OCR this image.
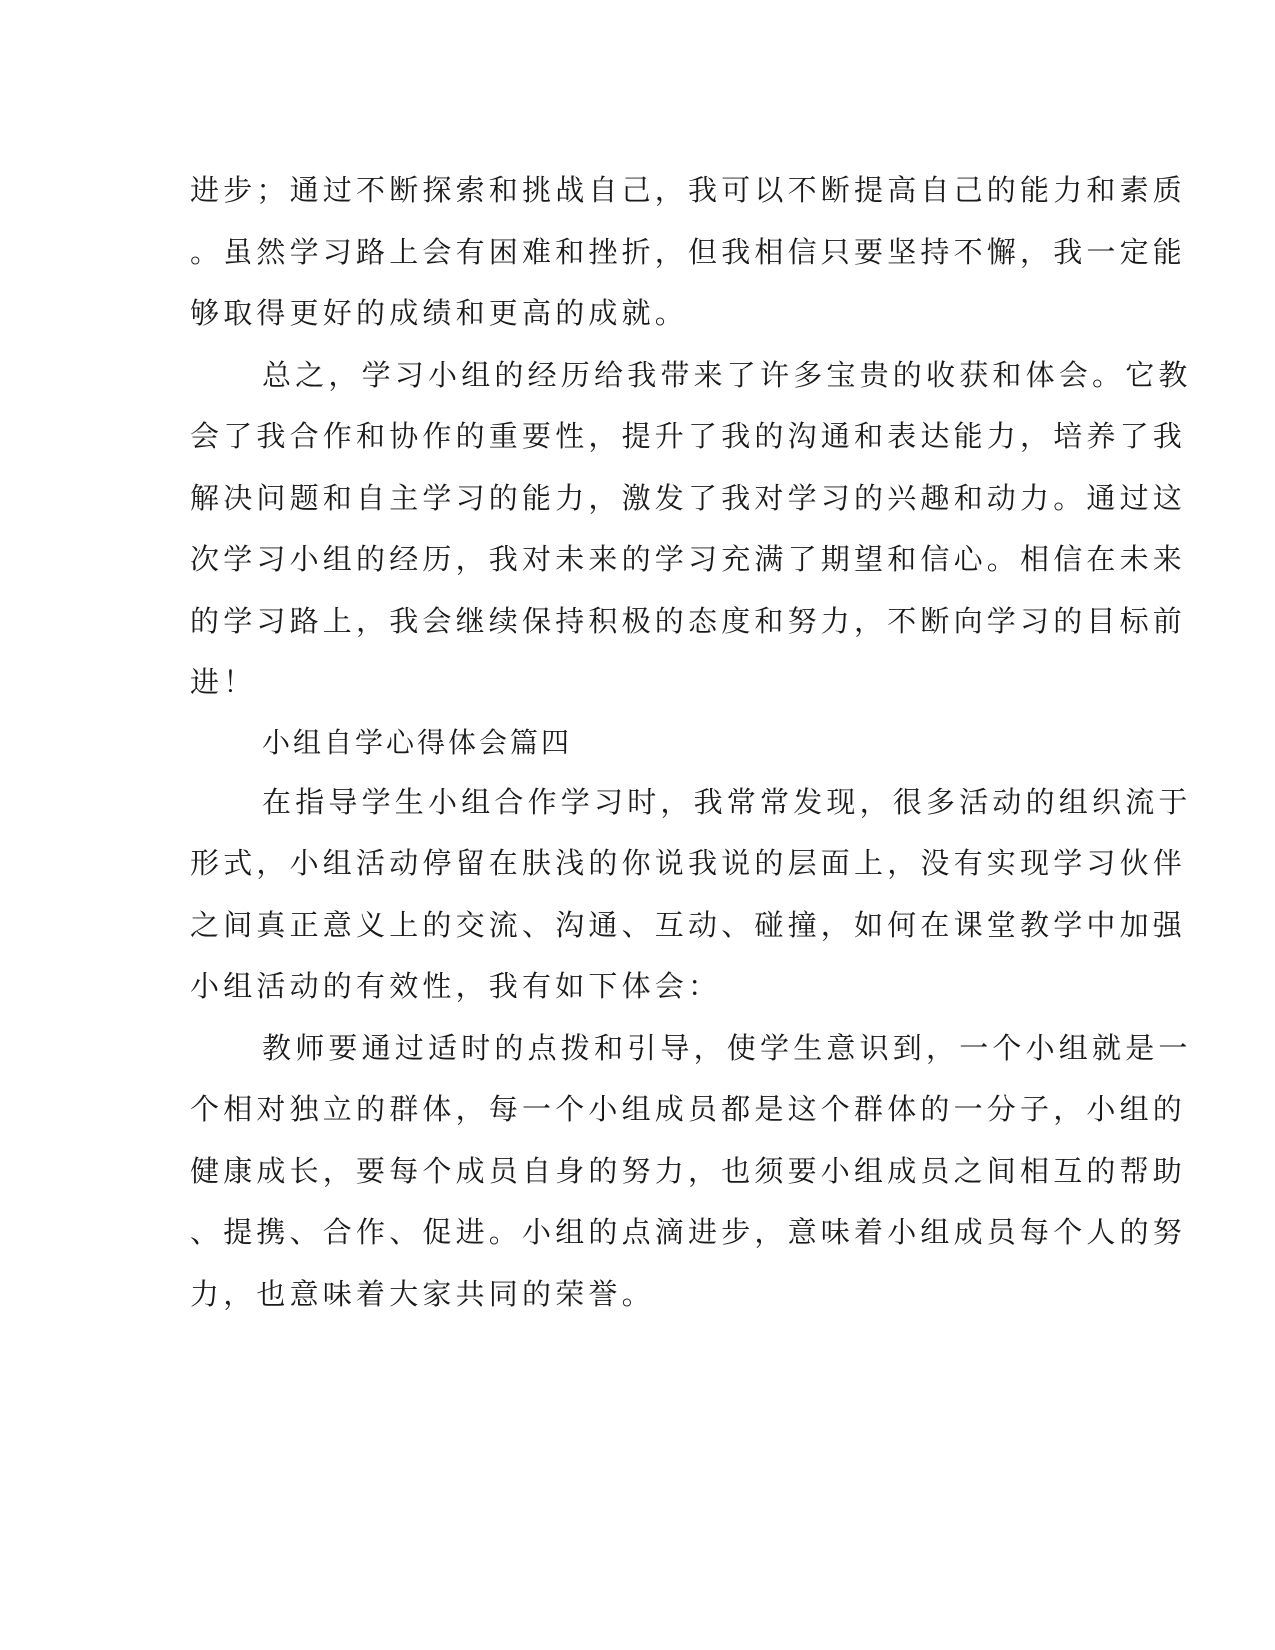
进步；通过不断探索和挑战自己，我可以不断提高自己的能力和素质
。虽然学习路上会有困难和挫折，但我相信只要坚持不懈，我一定能
够取得更好的成绩和更高的成就。
总之，学习小组的经历给我带来了许多宝贵的收获和体会。它教
会了我合作和协作的重要性，提升了我的沟通和表达能力，培养了我
解决问题和自主学习的能力，激发了我对学习的兴趣和动力。通过这
次学习小组的经历，我对未来的学习充满了期望和信心。相信在未来
的学习路上，我会继续保持积极的态度和努力，不断向学习的目标前
进！
小组自学心得体会篇四
在指导学生小组合作学习时，我常常发现，很多活动的组织流于
形式，小组活动停留在肤浅的你说我说的层面上，没有实现学习伙伴
之间真正意义上的交流、沟通、互动、碰撞，如何在课堂教学中加强
小组活动的有效性，我有如下体会：
教师要通过适时的点拨和引导，使学生意识到，一个小组就是一
个相对独立的群体，每一个小组成员都是这个群体的一分子，小组的
健康成长，要每个成员自身的努力，也须要小组成员之间相互的帮助
、提携、合作、促进。小组的点滴进步，意味着小组成员每个人的努
力，也意味着大家共同的荣誉。
